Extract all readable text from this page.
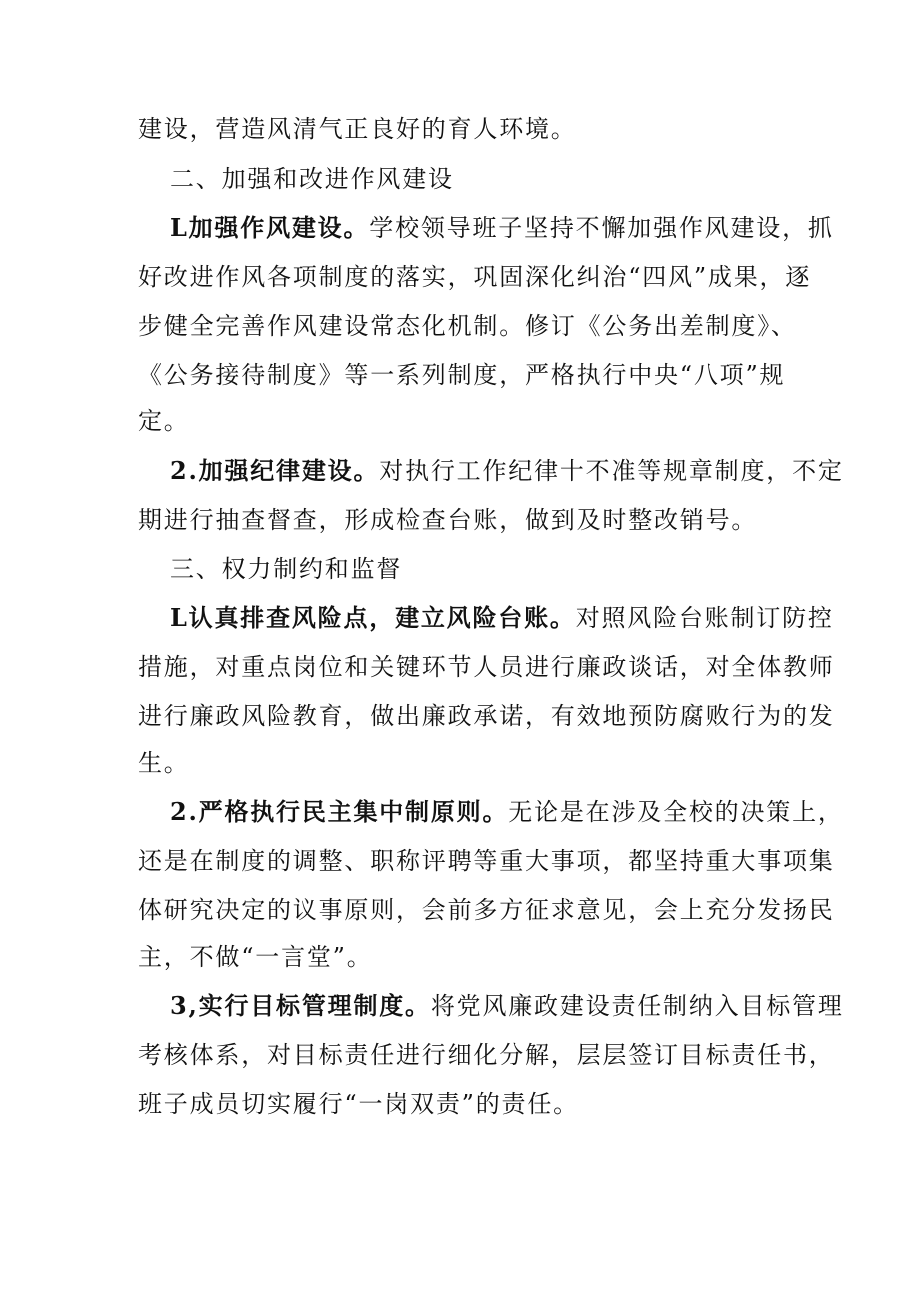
建设，营造风清气正良好的育人环境。
二、加强和改进作风建设
L加强作风建设。学校领导班子坚持不懈加强作风建设，抓
好改进作风各项制度的落实，巩固深化纠治“四风”成果，逐
步健全完善作风建设常态化机制。修订《公务出差制度》、
《公务接待制度》等一系列制度，严格执行中央“八项”规
定。
2.加强纪律建设。对执行工作纪律十不准等规章制度，不定
期进行抽查督查，形成检查台账，做到及时整改销号。
三、权力制约和监督
L认真排查风险点，建立风险台账。对照风险台账制订防控
措施，对重点岗位和关键环节人员进行廉政谈话，对全体教师
进行廉政风险教育，做出廉政承诺，有效地预防腐败行为的发
生。
2.严格执行民主集中制原则。无论是在涉及全校的决策上，
还是在制度的调整、职称评聘等重大事项，都坚持重大事项集
体研究决定的议事原则，会前多方征求意见，会上充分发扬民
主，不做“一言堂”。
3,实行目标管理制度。将党风廉政建设责任制纳入目标管理
考核体系，对目标责任进行细化分解，层层签订目标责任书，
班子成员切实履行“一岗双责”的责任。
